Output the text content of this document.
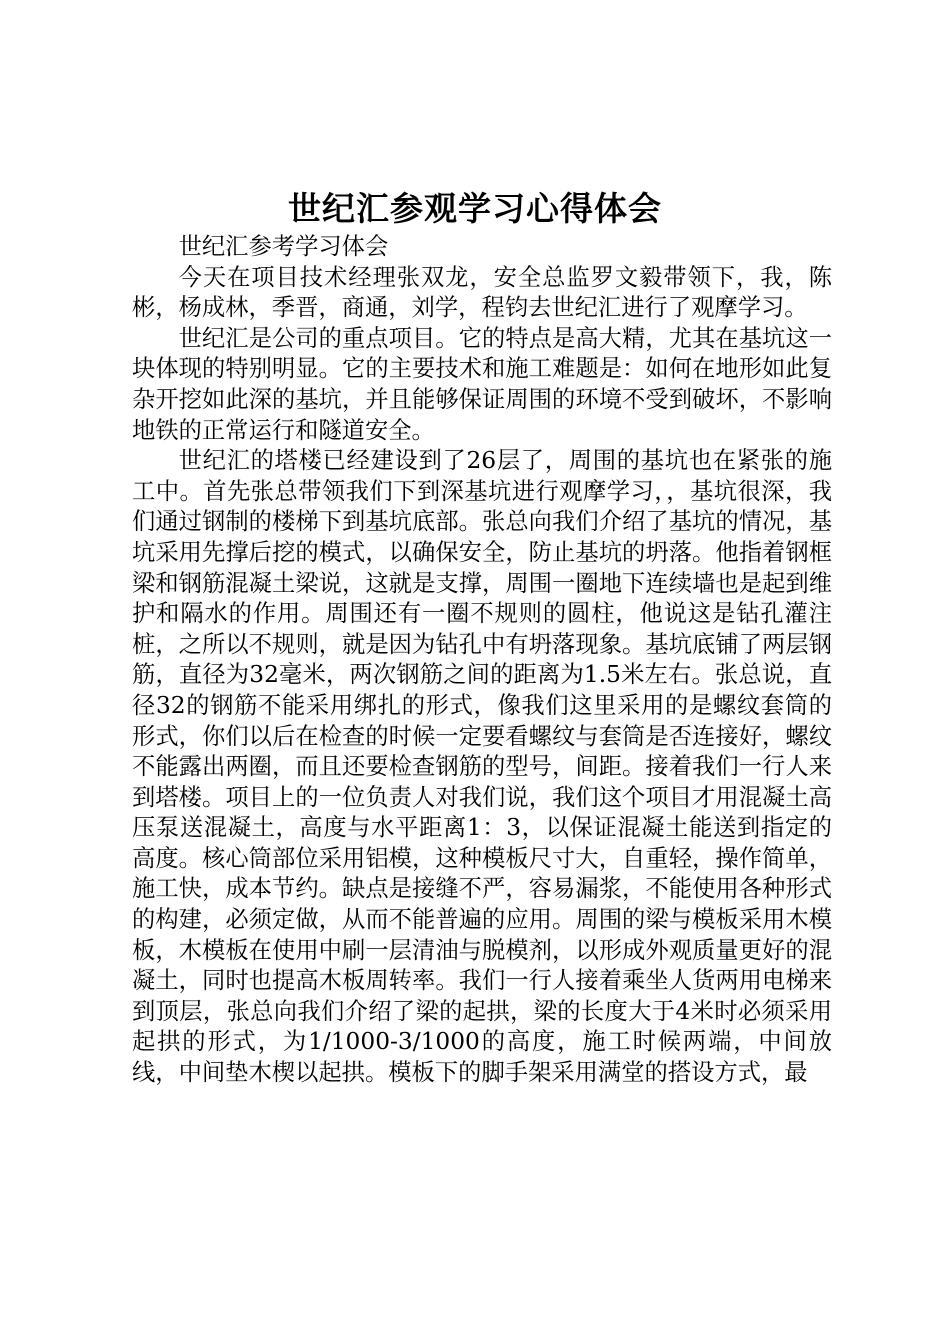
世纪汇参观学习心得体会

世纪汇参考学习体会

今天在项目技术经理张双龙，安全总监罗文毅带领下，我，陈彬，杨成林，季晋，商通，刘学，程钧去世纪汇进行了观摩学习。

世纪汇是公司的重点项目。它的特点是高大精，尤其在基坑这一块体现的特别明显。它的主要技术和施工难题是：如何在地形如此复杂开挖如此深的基坑，并且能够保证周围的环境不受到破坏，不影响地铁的正常运行和隧道安全。

世纪汇的塔楼已经建设到了26层了，周围的基坑也在紧张的施工中。首先张总带领我们下到深基坑进行观摩学习，，基坑很深，我们通过钢制的楼梯下到基坑底部。张总向我们介绍了基坑的情况，基坑采用先撑后挖的模式，以确保安全，防止基坑的坍落。他指着钢框梁和钢筋混凝土梁说，这就是支撑，周围一圈地下连续墙也是起到维护和隔水的作用。周围还有一圈不规则的圆柱，他说这是钻孔灌注桩，之所以不规则，就是因为钻孔中有坍落现象。基坑底铺了两层钢筋，直径为32毫米，两次钢筋之间的距离为1.5米左右。张总说，直径32的钢筋不能采用绑扎的形式，像我们这里采用的是螺纹套筒的形式，你们以后在检查的时候一定要看螺纹与套筒是否连接好，螺纹不能露出两圈，而且还要检查钢筋的型号，间距。接着我们一行人来到塔楼。项目上的一位负责人对我们说，我们这个项目才用混凝土高压泵送混凝土，高度与水平距离1：3，以保证混凝土能送到指定的高度。核心筒部位采用铝模，这种模板尺寸大，自重轻，操作简单，施工快，成本节约。缺点是接缝不严，容易漏浆，不能使用各种形式的构建，必须定做，从而不能普遍的应用。周围的梁与模板采用木模板，木模板在使用中刷一层清油与脱模剂，以形成外观质量更好的混凝土，同时也提高木板周转率。我们一行人接着乘坐人货两用电梯来到顶层，张总向我们介绍了梁的起拱，梁的长度大于4米时必须采用起拱的形式，为1/1000-3/1000的高度，施工时候两端，中间放线，中间垫木楔以起拱。模板下的脚手架采用满堂的搭设方式，最
